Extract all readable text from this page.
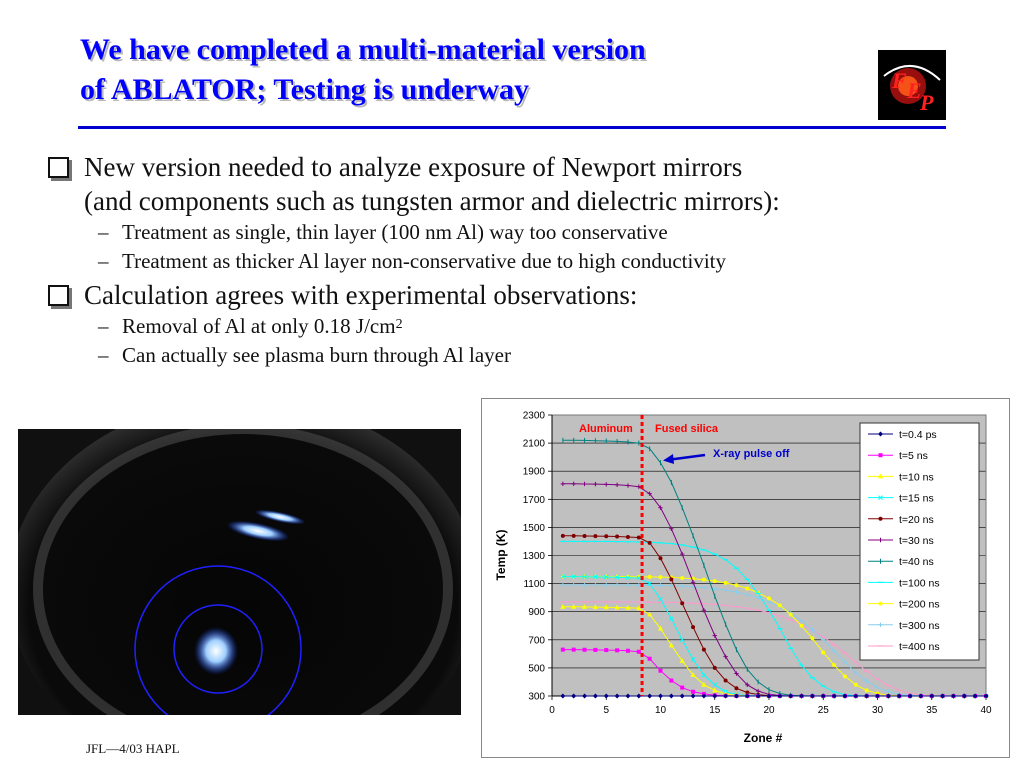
We have completed a multi-material version
of ABLATOR; Testing is underway	F E
P
New version needed to analyze exposure of Newport mirrors
(and components such as tungsten armor and dielectric mirrors):
– Treatment as single, thin layer (100 nm Al) way too conservative
– Treatment as thicker Al layer non-conservative due to high conductivity
Calculation agrees with experimental observations:
– Removal of Al at only 0.18 $J/cm^2$
– Can actually see plasma burn through Al layer
300
500
700
900
1100
1300
1500
1700
1900
2100
2300
0	5	10	15	20	25	30	35	40
Aluminum Fused silica
X-ray pulse off
Zone #
Temp (K)
t=0.4 ps
t=5 ns
t=10 ns
t=15 ns
t=20 ns
t=30 ns
t=40 ns
t=100 ns
t=200 ns
t=300 ns
t=400 ns
JFL—4/03 HAPL
